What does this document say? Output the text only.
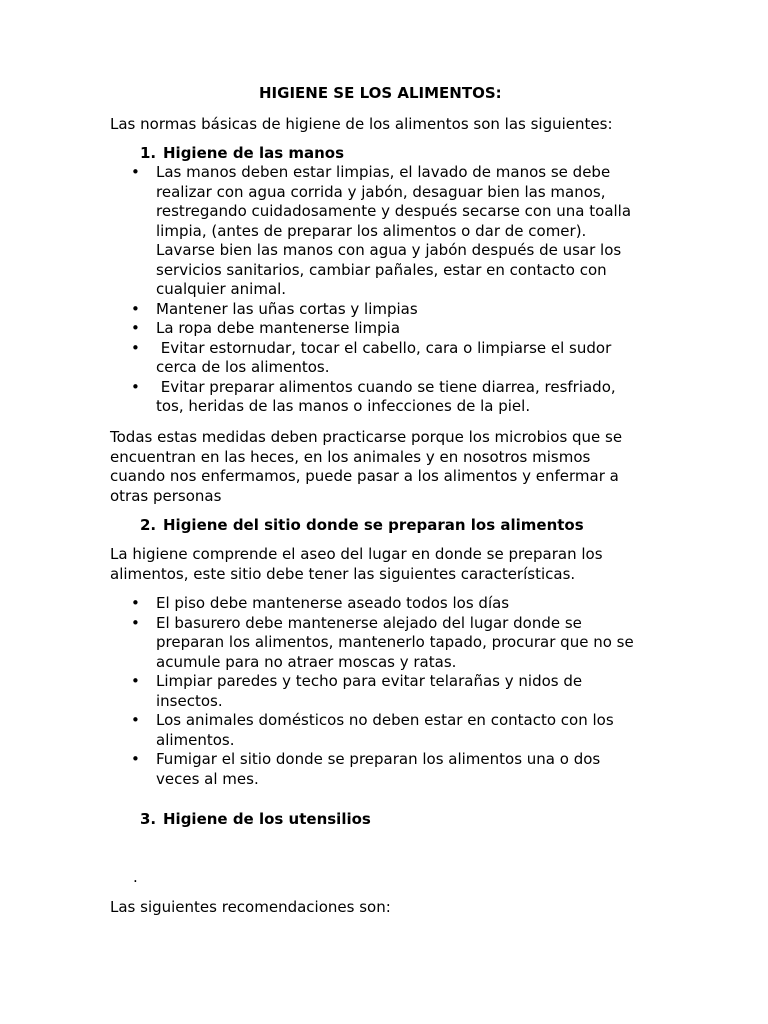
HIGIENE SE LOS ALIMENTOS:
Las normas básicas de higiene de los alimentos son las siguientes:
1. Higiene de las manos
• Las manos deben estar limpias, el lavado de manos se debe
realizar con agua corrida y jabón, desaguar bien las manos,
restregando cuidadosamente y después secarse con una toalla
limpia, (antes de preparar los alimentos o dar de comer).
Lavarse bien las manos con agua y jabón después de usar los
servicios sanitarios, cambiar pañales, estar en contacto con
cualquier animal.
• Mantener las uñas cortas y limpias
• La ropa debe mantenerse limpia
• Evitar estornudar, tocar el cabello, cara o limpiarse el sudor
cerca de los alimentos.
• Evitar preparar alimentos cuando se tiene diarrea, resfriado,
tos, heridas de las manos o infecciones de la piel.
Todas estas medidas deben practicarse porque los microbios que se
encuentran en las heces, en los animales y en nosotros mismos
cuando nos enfermamos, puede pasar a los alimentos y enfermar a
otras personas
2. Higiene del sitio donde se preparan los alimentos
La higiene comprende el aseo del lugar en donde se preparan los
alimentos, este sitio debe tener las siguientes características.
• El piso debe mantenerse aseado todos los días
• El basurero debe mantenerse alejado del lugar donde se
preparan los alimentos, mantenerlo tapado, procurar que no se
acumule para no atraer moscas y ratas.
• Limpiar paredes y techo para evitar telarañas y nidos de
insectos.
• Los animales domésticos no deben estar en contacto con los
alimentos.
• Fumigar el sitio donde se preparan los alimentos una o dos
veces al mes.
3. Higiene de los utensilios
.
Las siguientes recomendaciones son:
